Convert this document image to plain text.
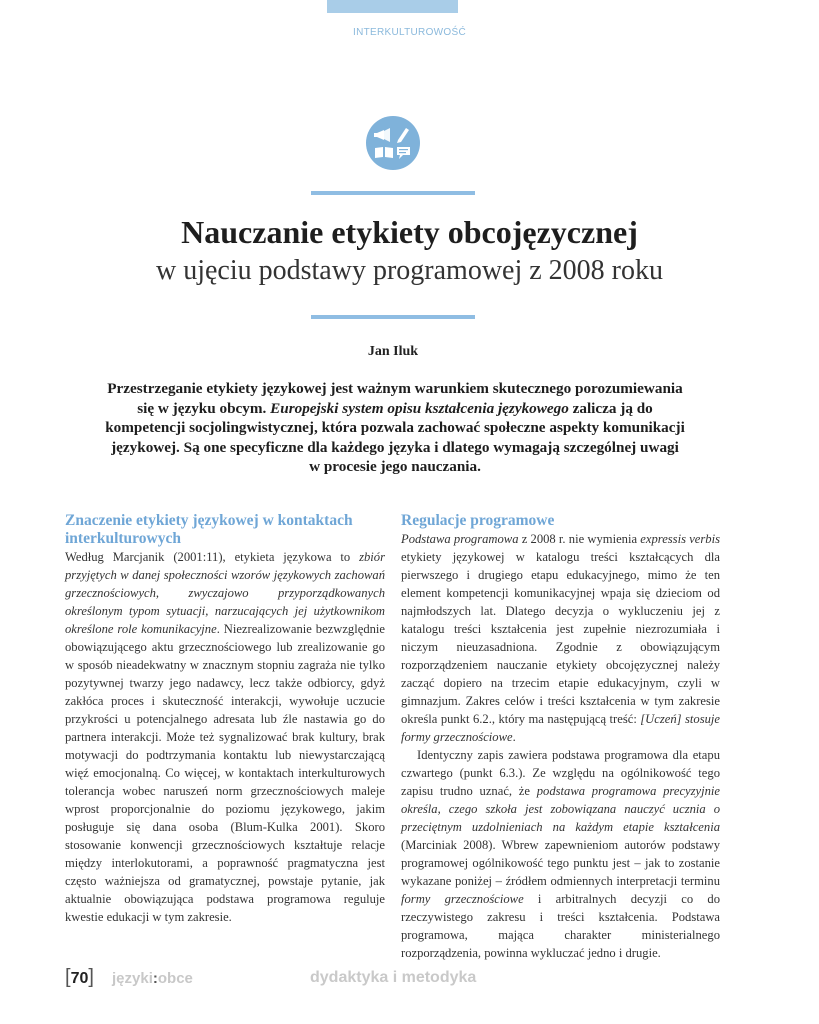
INTERKULTUROWOŚĆ
Nauczanie etykiety obcojęzycznej
w ujęciu podstawy programowej z 2008 roku
Jan Iluk
Przestrzeganie etykiety językowej jest ważnym warunkiem skutecznego porozumiewania się w języku obcym. Europejski system opisu kształcenia językowego zalicza ją do kompetencji socjolingwistycznej, która pozwala zachować społeczne aspekty komunikacji językowej. Są one specyficzne dla każdego języka i dlatego wymagają szczególnej uwagi w procesie jego nauczania.
Znaczenie etykiety językowej w kontaktach interkulturowych

Według Marcjanik (2001:11), etykieta językowa to zbiór przyjętych w danej społeczności wzorów językowych zachowań grzecznościowych, zwyczajowo przyporządkowanych określonym typom sytuacji, narzucających jej użytkownikom określone role komunikacyjne. Niezrealizowanie bezwzględnie obowiązującego aktu grzecznościowego lub zrealizowanie go w sposób nieadekwatny w znacznym stopniu zagraża nie tylko pozytywnej twarzy jego nadawcy, lecz także odbiorcy, gdyż zakłóca proces i skuteczność interakcji, wywołuje uczucie przykrości u potencjalnego adresata lub źle nastawia go do partnera interakcji. Może też sygnalizować brak kultury, brak motywacji do podtrzymania kontaktu lub niewystarczającą więź emocjonalną. Co więcej, w kontaktach interkulturowych tolerancja wobec naruszeń norm grzecznościowych maleje wprost proporcjonalnie do poziomu językowego, jakim posługuje się dana osoba (Blum-Kulka 2001). Skoro stosowanie konwencji grzecznościowych kształtuje relacje między interlokutorami, a poprawność pragmatyczna jest często ważniejsza od gramatycznej, powstaje pytanie, jak aktualnie obowiązująca podstawa programowa reguluje kwestie edukacji w tym zakresie.

Regulacje programowe

Podstawa programowa z 2008 r. nie wymienia expressis verbis etykiety językowej w katalogu treści kształcących dla pierwszego i drugiego etapu edukacyjnego, mimo że ten element kompetencji komunikacyjnej wpaja się dzieciom od najmłodszych lat. Dlatego decyzja o wykluczeniu jej z katalogu treści kształcenia jest zupełnie niezrozumiała i niczym nieuzasadniona. Zgodnie z obowiązującym rozporządzeniem nauczanie etykiety obcojęzycznej należy zacząć dopiero na trzecim etapie edukacyjnym, czyli w gimnazjum. Zakres celów i treści kształcenia w tym zakresie określa punkt 6.2., który ma następującą treść: [Uczeń] stosuje formy grzecznościowe.

Identyczny zapis zawiera podstawa programowa dla etapu czwartego (punkt 6.3.). Ze względu na ogólnikowość tego zapisu trudno uznać, że podstawa programowa precyzyjnie określa, czego szkoła jest zobowiązana nauczyć ucznia o przeciętnym uzdolnieniach na każdym etapie kształcenia (Marciniak 2008). Wbrew zapewnieniom autorów podstawy programowej ogólnikowość tego punktu jest – jak to zostanie wykazane poniżej – źródłem odmiennych interpretacji terminu formy grzecznościowe i arbitralnych decyzji co do rzeczywistego zakresu i treści kształcenia. Podstawa programowa, mająca charakter ministerialnego rozporządzenia, powinna wykluczać jedno i drugie.

[70] języki:obce	dydaktyka i metodyka
